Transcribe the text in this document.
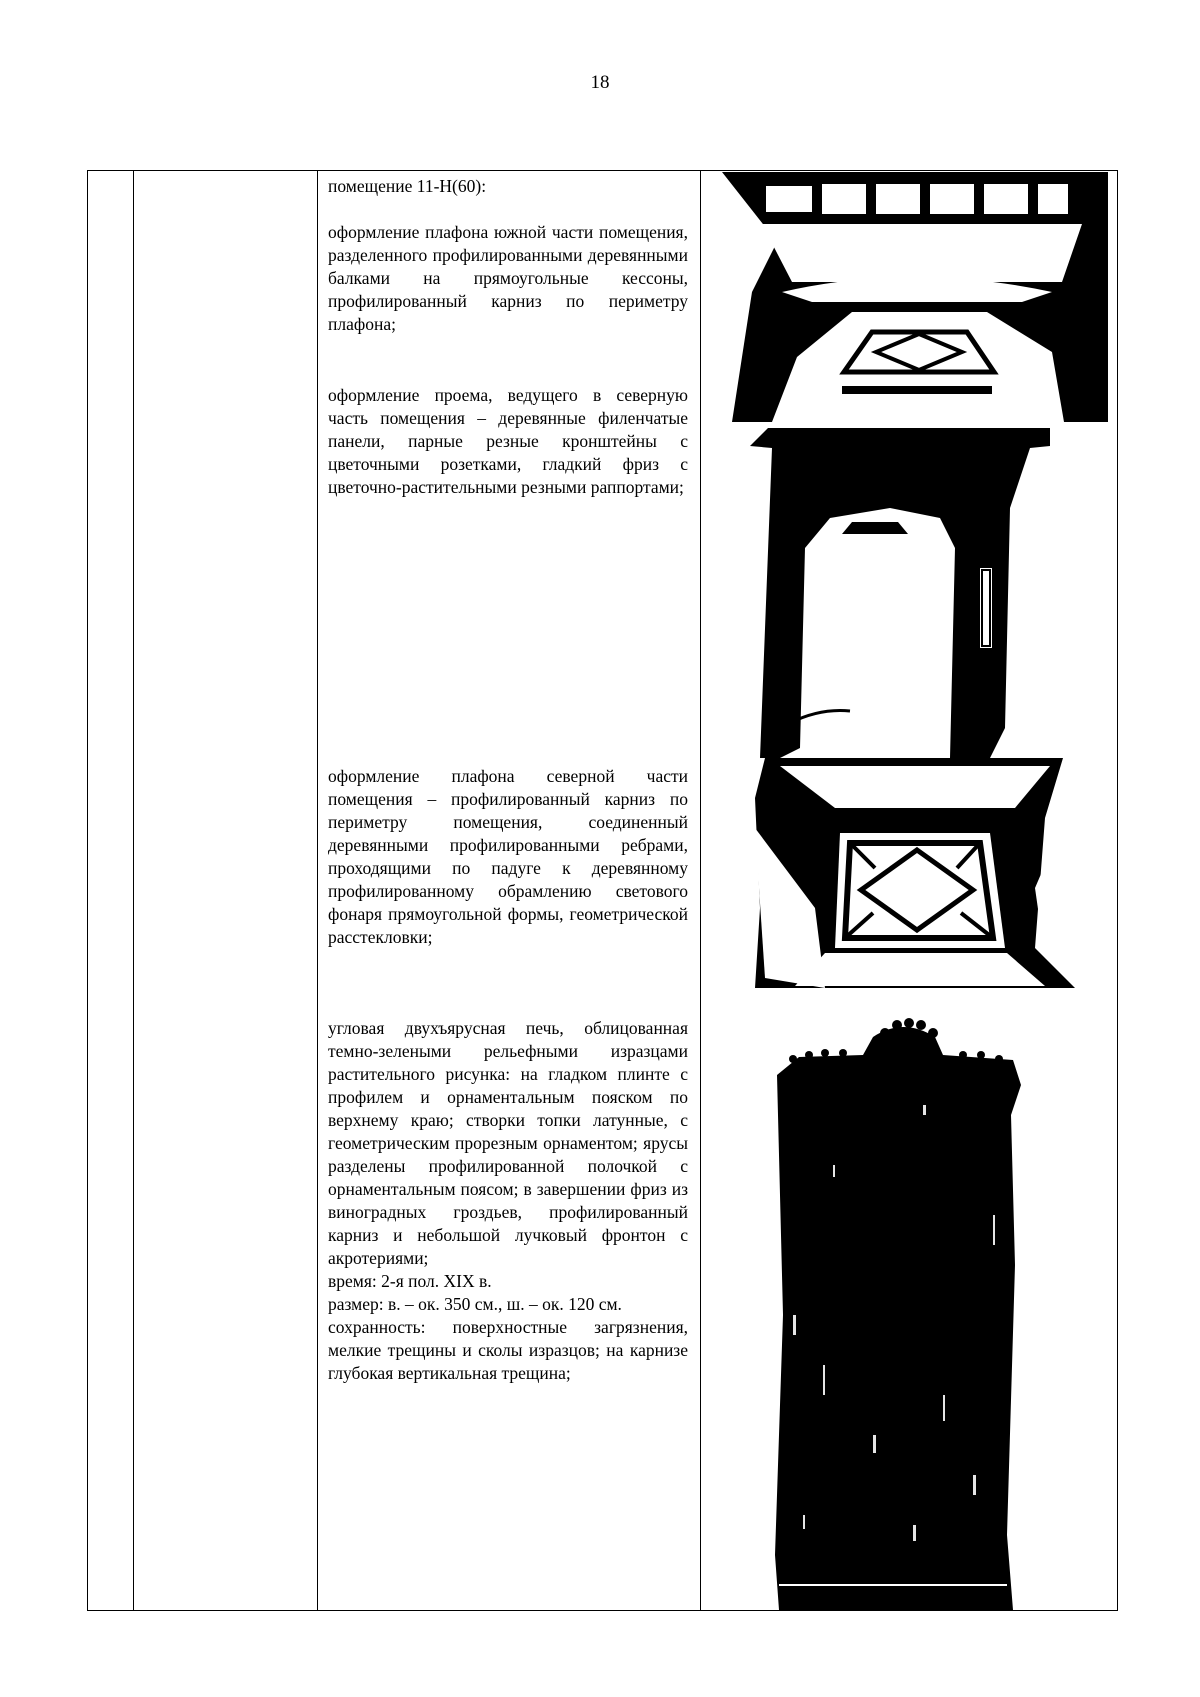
18

помещение 11-Н(60):

оформление плафона южной части помещения, разделенного профилированными деревянными балками на прямоугольные кессоны, профилированный карниз по периметру плафона;

оформление проема, ведущего в северную часть помещения – деревянные филенчатые панели, парные резные кронштейны с цветочными розетками, гладкий фриз с цветочно-растительными резными раппортами;

оформление плафона северной части помещения – профилированный карниз по периметру помещения, соединенный деревянными профилированными ребрами, проходящими по падуге к деревянному профилированному обрамлению светового фонаря прямоугольной формы, геометрической расстекловки;

угловая двухъярусная печь, облицованная темно-зелеными рельефными изразцами растительного рисунка: на гладком плинте с профилем и орнаментальным пояском по верхнему краю; створки топки латунные, с геометрическим прорезным орнаментом; ярусы разделены профилированной полочкой с орнаментальным поясом; в завершении фриз из виноградных гроздьев, профилированный карниз и небольшой лучковый фронтон с акротериями;

время: 2-я пол. XIX в.

размер: в. – ок. 350 см., ш. – ок. 120 см.

сохранность: поверхностные загрязнения, мелкие трещины и сколы изразцов; на карнизе глубокая вертикальная трещина;
